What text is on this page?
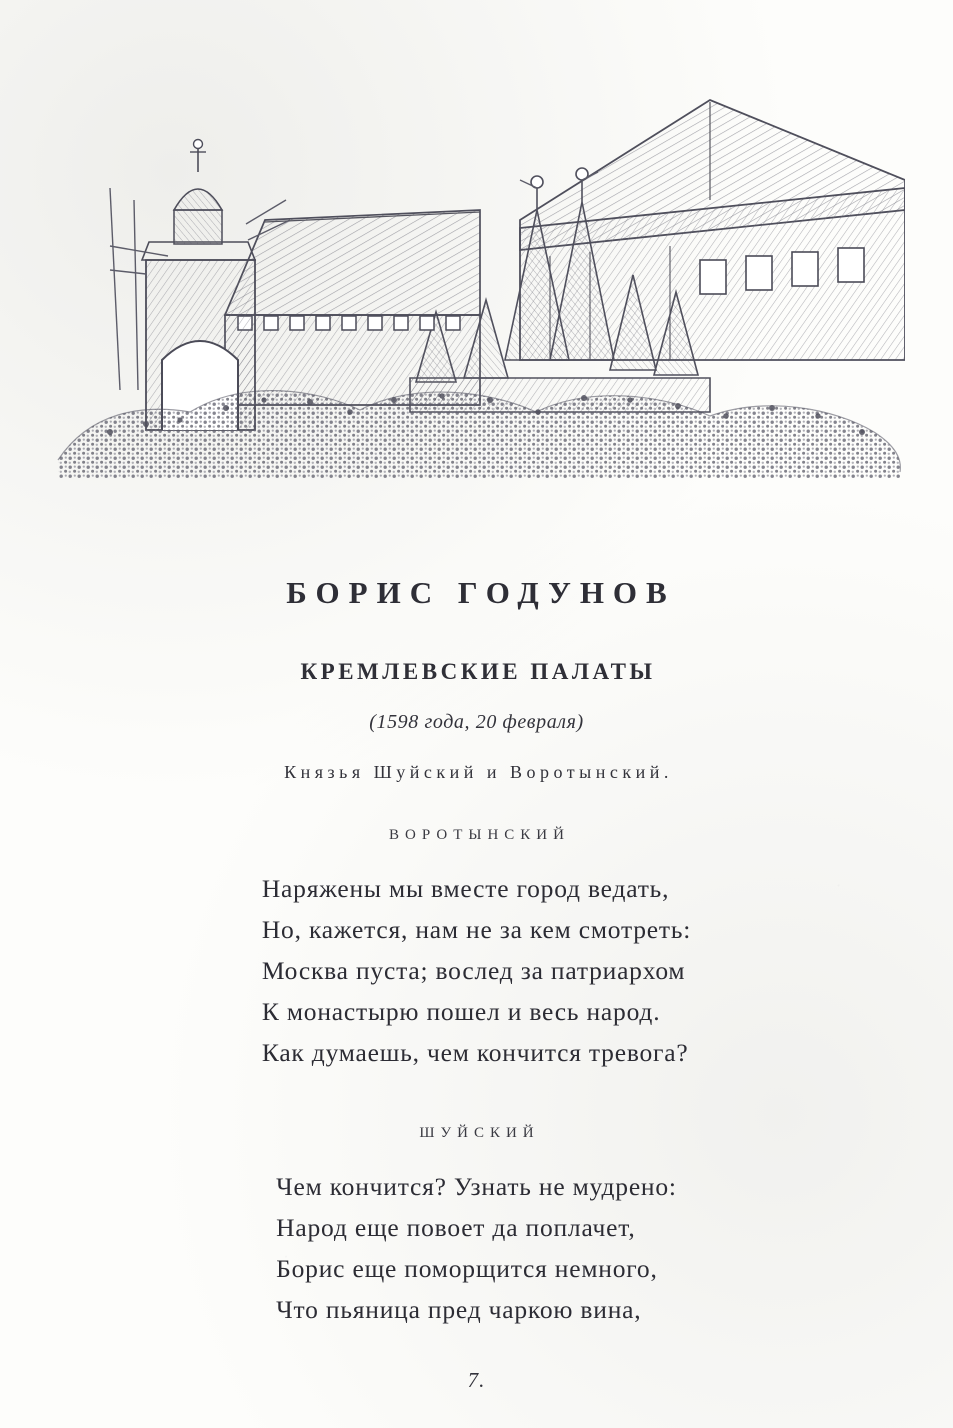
БОРИС ГОДУНОВ
КРЕМЛЕВСКИЕ ПАЛАТЫ
(1598 года, 20 февраля)
Князья Шуйский и Воротынский.
ВОРОТЫНСКИЙ
Наряжены мы вместе город ведать,
Но, кажется, нам не за кем смотреть:
Москва пуста; вослед за патриархом
К монастырю пошел и весь народ.
Как думаешь, чем кончится тревога?
ШУЙСКИЙ
Чем кончится? Узнать не мудрено:
Народ еще повоет да поплачет,
Борис еще поморщится немного,
Что пьяница пред чаркою вина,
7.
